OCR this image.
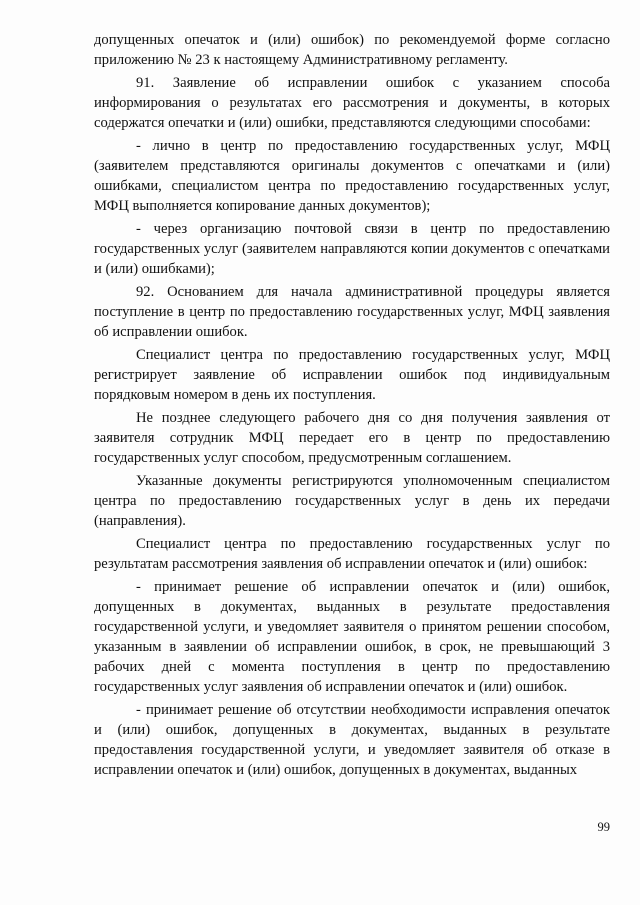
допущенных опечаток и (или) ошибок) по рекомендуемой форме согласно приложению № 23 к настоящему Административному регламенту.

91. Заявление об исправлении ошибок с указанием способа информирования о результатах его рассмотрения и документы, в которых содержатся опечатки и (или) ошибки, представляются следующими способами:

- лично в центр по предоставлению государственных услуг, МФЦ (заявителем представляются оригиналы документов с опечатками и (или) ошибками, специалистом центра по предоставлению государственных услуг, МФЦ выполняется копирование данных документов);

- через организацию почтовой связи в центр по предоставлению государственных услуг (заявителем направляются копии документов с опечатками и (или) ошибками);

92. Основанием для начала административной процедуры является поступление в центр по предоставлению государственных услуг, МФЦ заявления об исправлении ошибок.

Специалист центра по предоставлению государственных услуг, МФЦ регистрирует заявление об исправлении ошибок под индивидуальным порядковым номером в день их поступления.

Не позднее следующего рабочего дня со дня получения заявления от заявителя сотрудник МФЦ передает его в центр по предоставлению государственных услуг способом, предусмотренным соглашением.

Указанные документы регистрируются уполномоченным специалистом центра по предоставлению государственных услуг в день их передачи (направления).

Специалист центра по предоставлению государственных услуг по результатам рассмотрения заявления об исправлении опечаток и (или) ошибок:

- принимает решение об исправлении опечаток и (или) ошибок, допущенных в документах, выданных в результате предоставления государственной услуги, и уведомляет заявителя о принятом решении способом, указанным в заявлении об исправлении ошибок, в срок, не превышающий 3 рабочих дней с момента поступления в центр по предоставлению государственных услуг заявления об исправлении опечаток и (или) ошибок.

- принимает решение об отсутствии необходимости исправления опечаток и (или) ошибок, допущенных в документах, выданных в результате предоставления государственной услуги, и уведомляет заявителя об отказе в исправлении опечаток и (или) ошибок, допущенных в документах, выданных

99
